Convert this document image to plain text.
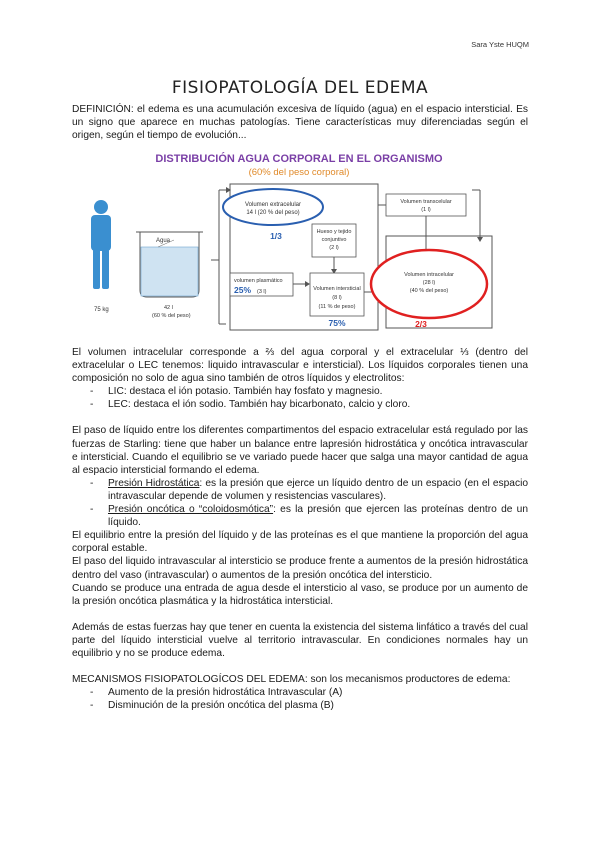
Sara Yste HUQM
FISIOPATOLOGÍA DEL EDEMA

DEFINICIÓN: el edema es una acumulación excesiva de líquido (agua) en el espacio intersticial. Es un signo que aparece en muchas patologías. Tiene características muy diferenciadas según el origen, según el tiempo de evolución...

DISTRIBUCIÓN AGUA CORPORAL EN EL ORGANISMO
(60% del peso corporal)
75 kg
Agua
42 l
(60 % del peso)
Volumen extracelular
14 l (20 % del peso)
1/3	Hueso y tejido
conjuntivo
(2 l)
Volumen transcelular
(1 l)
volumen plasmático
25% (3 l)	Volumen intersticial
(8 l)
(11 % de peso)
75%
Volumen intracelular
(28 l)
(40 % del peso)
2/3

El volumen intracelular corresponde a ⅔ del agua corporal y el extracelular ⅓ (dentro del extracelular o LEC tenemos: liquido intravascular e intersticial). Los líquidos corporales tienen una composición no solo de agua sino también de otros líquidos y electrolitos:

- LIC: destaca el ión potasio. También hay fosfato y magnesio.
- LEC: destaca el ión sodio. También hay bicarbonato, calcio y cloro.

El paso de líquido entre los diferentes compartimentos del espacio extracelular está regulado por las fuerzas de Starling: tiene que haber un balance entre lapresión hidrostática y oncótica intravascular e intersticial. Cuando el equilibrio se ve variado puede hacer que salga una mayor cantidad de agua al espacio intersticial formando el edema.

- Presión Hidrostática: es la presión que ejerce un líquido dentro de un espacio (en el espacio intravascular depende de volumen y resistencias vasculares).
- Presión oncótica o “coloidosmótica”: es la presión que ejercen las proteínas dentro de un líquido.

El equilibrio entre la presión del líquido y de las proteínas es el que mantiene la proporción del agua corporal estable.

El paso del liquido intravascular al intersticio se produce frente a aumentos de la presión hidrostática dentro del vaso (intravascular) o aumentos de la presión oncótica del intersticio.

Cuando se produce una entrada de agua desde el intersticio al vaso, se produce por un aumento de la presión oncótica plasmática y la hidrostática intersticial.

Además de estas fuerzas hay que tener en cuenta la existencia del sistema linfático a través del cual parte del líquido intersticial vuelve al territorio intravascular. En condiciones normales hay un equilibrio y no se produce edema.

MECANISMOS FISIOPATOLOGÍCOS DEL EDEMA: son los mecanismos productores de edema:

- Aumento de la presión hidrostática Intravascular (A)
- Disminución de la presión oncótica del plasma (B)
